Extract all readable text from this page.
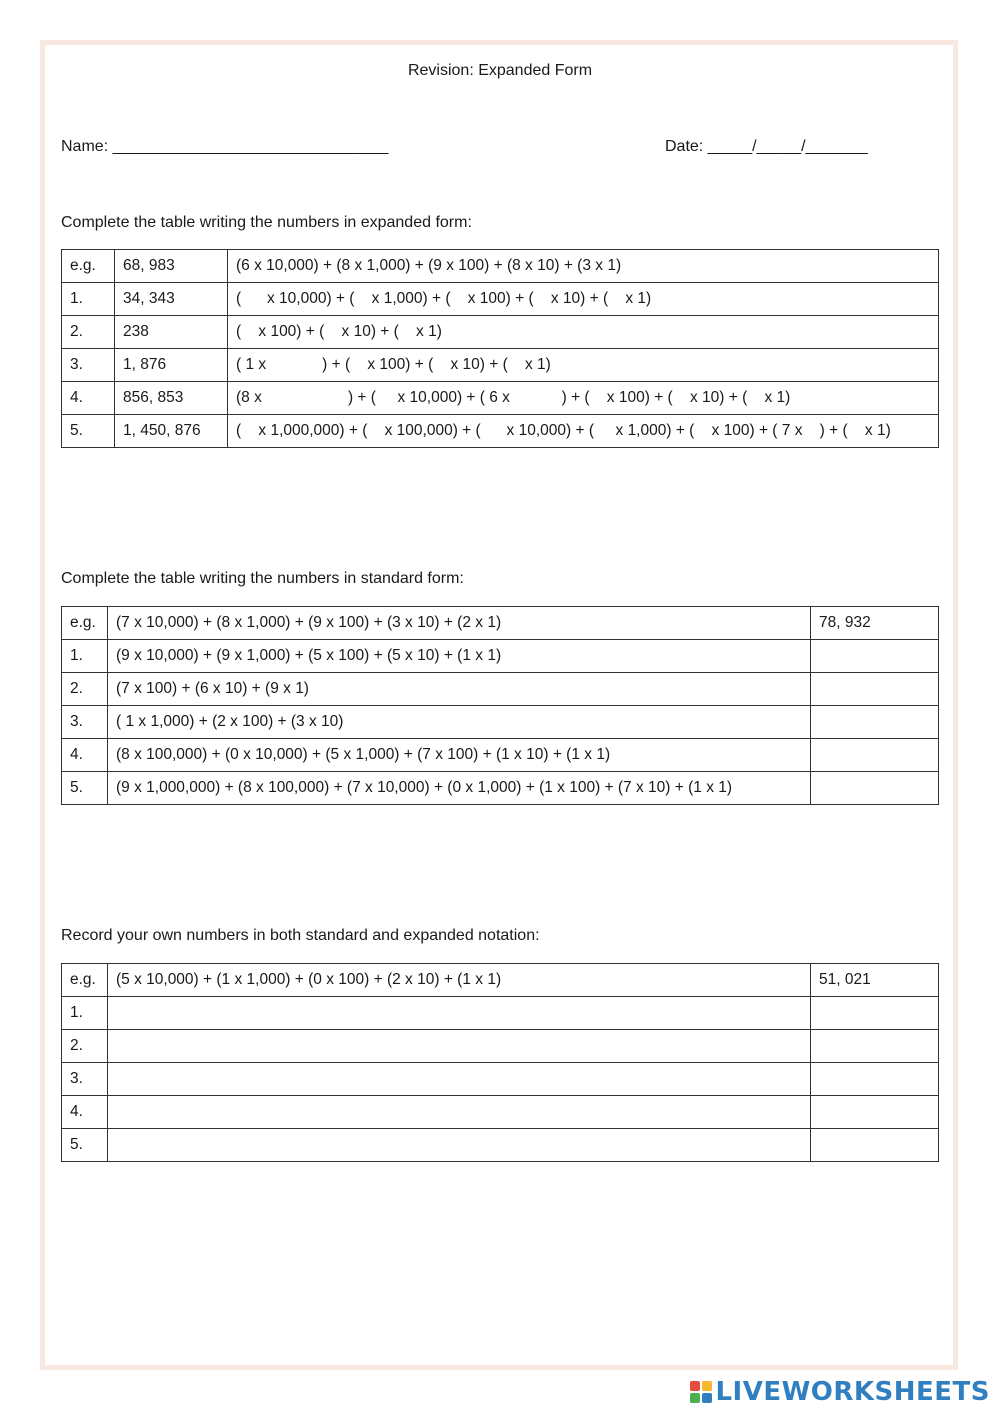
Revision: Expanded Form
Name: _______________________________	Date: _____/_____/_______
Complete the table writing the numbers in expanded form:
e.g.	68, 983	(6 x 10,000) + (8 x 1,000) + (9 x 100) + (8 x 10) + (3 x 1)
1.	34, 343	(      x 10,000) + (    x 1,000) + (    x 100) + (    x 10) + (    x 1)
2.	238	(    x 100) + (    x 10) + (    x 1)
3.	1, 876	( 1 x             ) + (    x 100) + (    x 10) + (    x 1)
4.	856, 853	(8 x                    ) + (     x 10,000) + ( 6 x            ) + (    x 100) + (    x 10) + (    x 1)
5.	1, 450, 876	(    x 1,000,000) + (    x 100,000) + (      x 10,000) + (     x 1,000) + (    x 100) + ( 7 x    ) + (    x 1)
Complete the table writing the numbers in standard form:
e.g.	(7 x 10,000) + (8 x 1,000) + (9 x 100) + (3 x 10) + (2 x 1)	78, 932
1.	(9 x 10,000) + (9 x 1,000) + (5 x 100) + (5 x 10) + (1 x 1)	
2.	(7 x 100) + (6 x 10) + (9 x 1)	
3.	( 1 x 1,000) + (2 x 100) + (3 x 10)	
4.	(8 x 100,000) + (0 x 10,000) + (5 x 1,000) + (7 x 100) + (1 x 10) + (1 x 1)	
5.	(9 x 1,000,000) + (8 x 100,000) + (7 x 10,000) + (0 x 1,000) + (1 x 100) + (7 x 10) + (1 x 1)	
Record your own numbers in both standard and expanded notation:
e.g.	(5 x 10,000) + (1 x 1,000) + (0 x 100) + (2 x 10) + (1 x 1)	51, 021
1.		
2.		
3.		
4.		
5.		
LIVEWORKSHEETS
